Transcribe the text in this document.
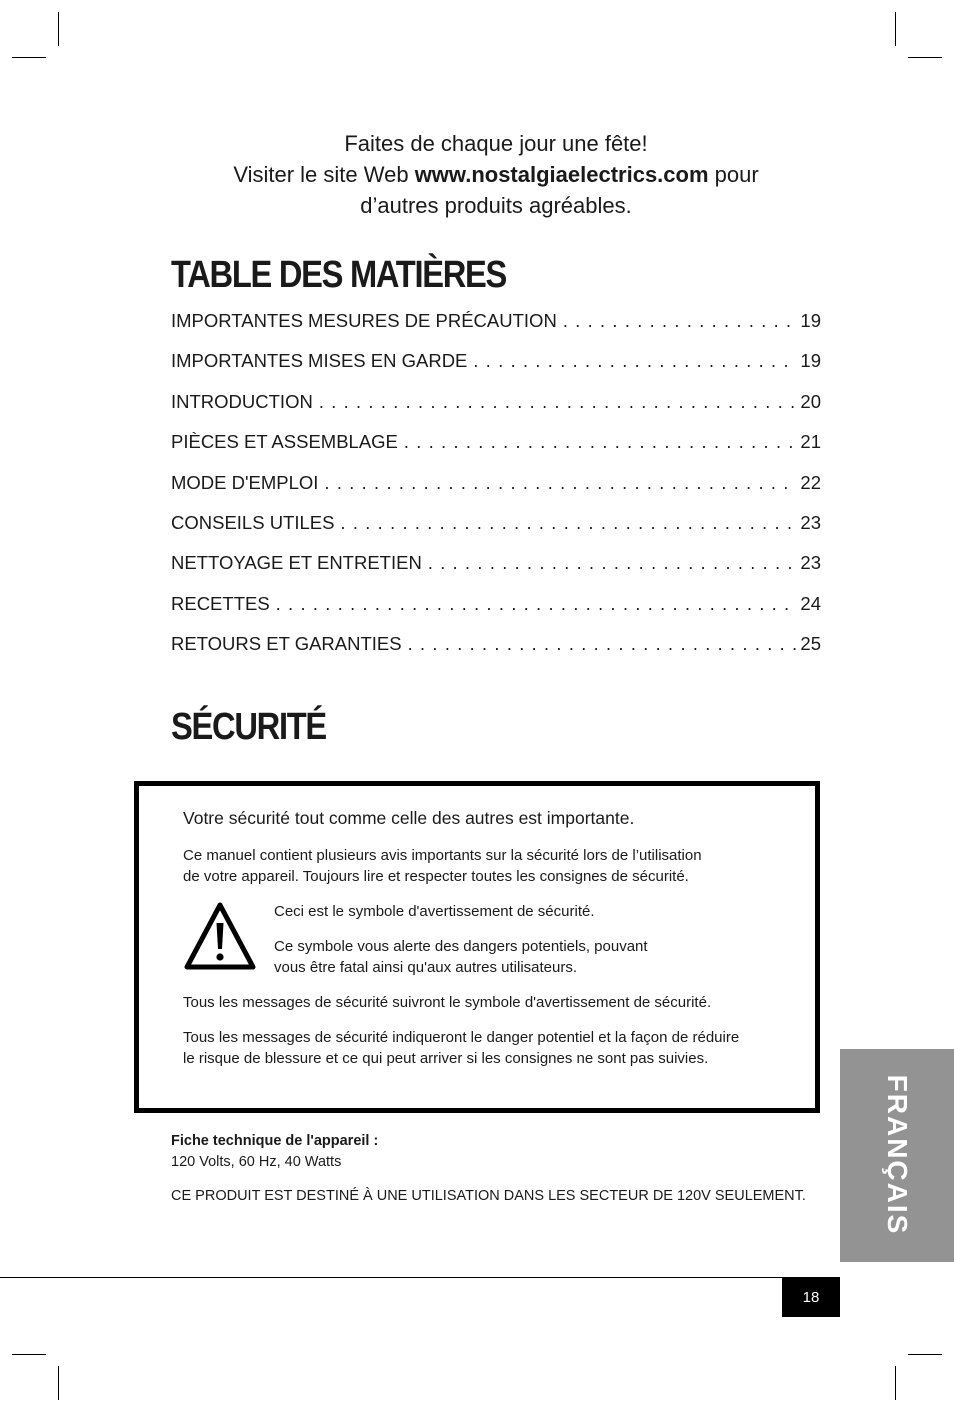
Faites de chaque jour une fête!
Visiter le site Web www.nostalgiaelectrics.com pour
d’autres produits agréables.
TABLE DES MATIÈRES
IMPORTANTES MESURES DE PRÉCAUTION . . .	19
IMPORTANTES MISES EN GARDE . . .	19
INTRODUCTION . . .	20
PIÈCES ET ASSEMBLAGE . . .	21
MODE D'EMPLOI . . .	22
CONSEILS UTILES . . .	23
NETTOYAGE ET ENTRETIEN . . .	23
RECETTES . . .	24
RETOURS ET GARANTIES . . .	25
SÉCURITÉ
Votre sécurité tout comme celle des autres est importante.
Ce manuel contient plusieurs avis importants sur la sécurité lors de l’utilisation
de votre appareil. Toujours lire et respecter toutes les consignes de sécurité.
Ceci est le symbole d'avertissement de sécurité.
Ce symbole vous alerte des dangers potentiels, pouvant
vous être fatal ainsi qu'aux autres utilisateurs.
Tous les messages de sécurité suivront le symbole d'avertissement de sécurité.
Tous les messages de sécurité indiqueront le danger potentiel et la façon de réduire
le risque de blessure et ce qui peut arriver si les consignes ne sont pas suivies.
Fiche technique de l'appareil :
120 Volts, 60 Hz, 40 Watts
CE PRODUIT EST DESTINÉ À UNE UTILISATION DANS LES SECTEUR DE 120V SEULEMENT.	FRANÇAIS
18
